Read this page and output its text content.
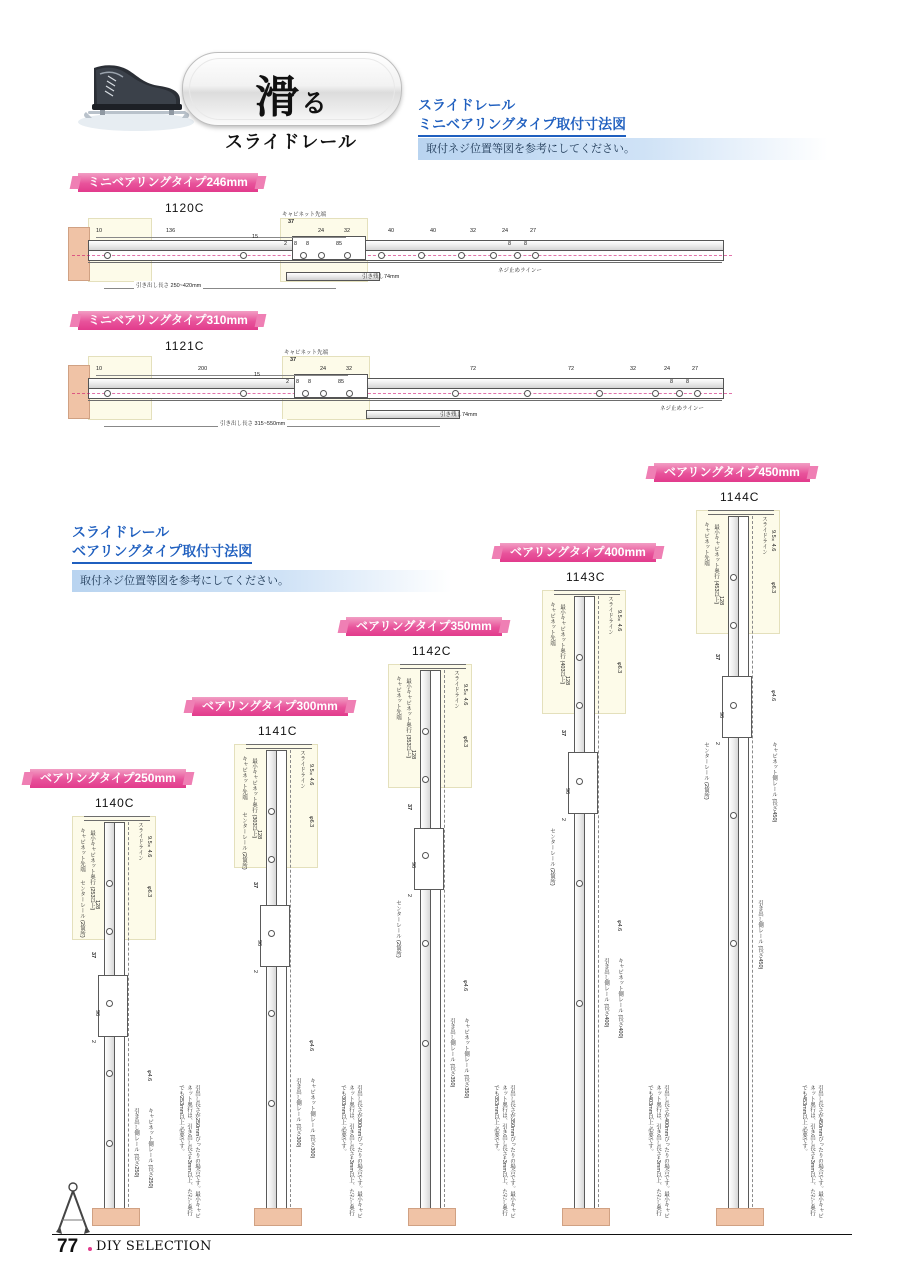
滑る
スライドレール
スライドレール
ミニベアリングタイプ取付寸法図
取付ネジ位置等図を参考にしてください。
ミニベアリングタイプ246mm
1120C
10	136
15
37
キャビネット先端
2 8 8
24	32
85
40	40	32	24	27
8 8
ネジ止めラインー
引き残し74mm
引き出し長さ 250~420mm
ミニベアリングタイプ310mm
1121C
10	200
15
37
キャビネット先端
2 8 8
24	32
85
72	72	32	24	27
8 8
ネジ止めラインー
引き残し74mm
引き出し長さ 315~550mm
スライドレール
ベアリングタイプ取付寸法図
取付ネジ位置等図を参考にしてください。
ベアリングタイプ250mm
1140C
キャビネット先端 最小キャビネット奥行 (253以上)	スライドライン 9.5×4.6
φ6.3
センターレール (2箇所)
φ4.6
キャビネット側レール (長さ250)
引き出し側レール (長さ250)
128
96
37
2
引出し長さが250mmぴったりの場合です。最小キャビネット奥行は、引き出し長さ+3mm以上、ただし奥行でも253mm以上 必要です。
ベアリングタイプ300mm
1141C
キャビネット先端 最小キャビネット奥行 (303以上)	スライドライン 9.5×4.6
φ6.3
センターレール (2箇所)
φ4.6
キャビネット側レール (長さ300)
引き出し側レール (長さ300)
128
96
37
2
引出し長さが300mmぴったりの場合です。最小キャビネット奥行は、引き出し長さ+3mm以上、ただし奥行でも303mm以上 必要です。
ベアリングタイプ350mm
1142C
キャビネット先端 最小キャビネット奥行 (353以上)	スライドライン 9.5×4.6
φ6.3
センターレール (2箇所)
φ4.6
キャビネット側レール (長さ350)
引き出し側レール (長さ350)
128
96
37
2
引出し長さが350mmぴったりの場合です。最小キャビネット奥行は、引き出し長さ+3mm以上、ただし奥行でも353mm以上 必要です。
ベアリングタイプ400mm
1143C
キャビネット先端 最小キャビネット奥行 (403以上)	スライドライン 9.5×4.6
φ6.3
センターレール (2箇所)
φ4.6
キャビネット側レール (長さ400)
引き出し側レール (長さ400)
128
96
37
2
引出し長さが400mmぴったりの場合です。最小キャビネット奥行は、引き出し長さ+3mm以上、ただし奥行でも403mm以上 必要です。
ベアリングタイプ450mm
1144C
キャビネット先端 最小キャビネット奥行 (453以上)	スライドライン 9.5×4.6
φ6.3
センターレール (2箇所)
φ4.6
キャビネット側レール (長さ450)
引き出し側レール (長さ450)
128
96
37
2
引出し長さが450mmぴったりの場合です。最小キャビネット奥行は、引き出し長さ+3mm以上、ただし奥行でも453mm以上 必要です。
77 DIY SELECTION
